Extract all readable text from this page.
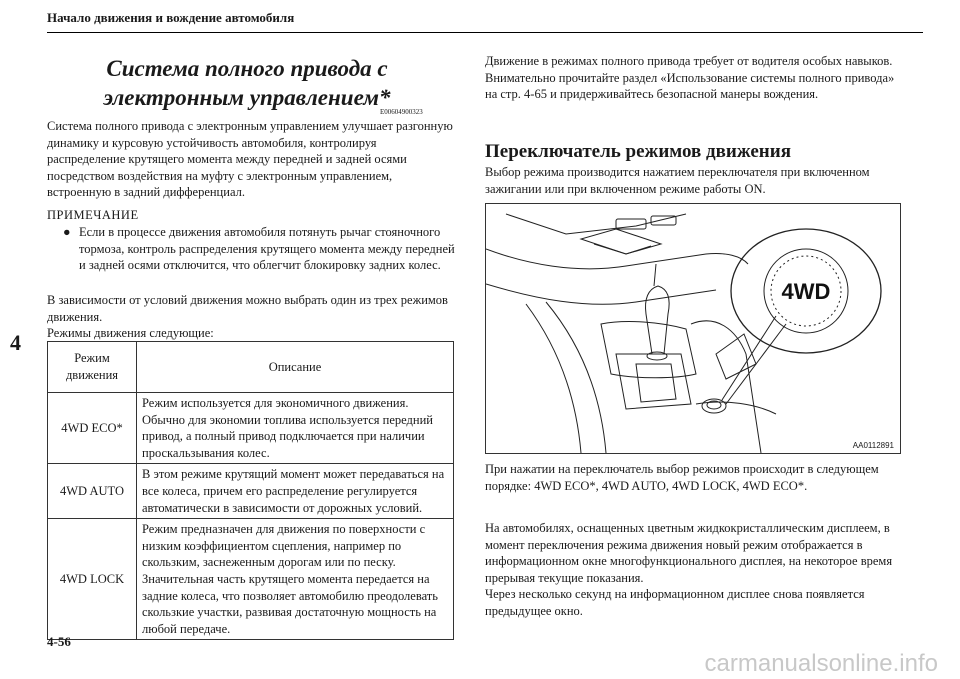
Начало движения и вождение автомобиля
4
Система полного привода с электронным управлением*
E00604900323
Система полного привода с электронным управлением улучшает разгонную динамику и курсовую устойчивость автомобиля, контролируя распределение крутящего момента между передней и задней осями посредством воздействия на муфту с электронным управлением, встроенную в задний дифференциал.
ПРИМЕЧАНИЕ
● Если в процессе движения автомобиля потянуть рычаг стояночного тормоза, контроль распределения крутящего момента между передней и задней осями отключится, что облегчит блокировку задних колес.
В зависимости от условий движения можно выбрать один из трех режимов движения.
Режимы движения следующие:
Режим движения	Описание
4WD ECO*	Режим используется для экономичного движения. Обычно для экономии топлива используется передний привод, а полный привод подключается при наличии проскальзывания колес.
4WD AUTO	В этом режиме крутящий момент может передаваться на все колеса, причем его распределение регулируется автоматически в зависимости от дорожных условий.
4WD LOCK	Режим предназначен для движения по поверхности с низким коэффициентом сцепления, например по скользким, заснеженным дорогам или по песку. Значительная часть крутящего момента передается на задние колеса, что позволяет автомобилю преодолевать скользкие участки, развивая достаточную мощность на любой передаче.
Движение в режимах полного привода требует от водителя особых навыков.
Внимательно прочитайте раздел «Использование системы полного привода» на стр. 4-65 и придерживайтесь безопасной манеры вождения.
Переключатель режимов движения
Выбор режима производится нажатием переключателя при включенном зажигании или при включенном режиме работы ON.
4WD
AA0112891
При нажатии на переключатель выбор режимов происходит в следующем порядке: 4WD ECO*, 4WD AUTO, 4WD LOCK, 4WD ECO*.
На автомобилях, оснащенных цветным жидкокристаллическим дисплеем, в момент переключения режима движения новый режим отображается в информационном окне многофункционального дисплея, на некоторое время прерывая текущие показания.
Через несколько секунд на информационном дисплее снова появляется предыдущее окно.
4-56
carmanualsonline.info
